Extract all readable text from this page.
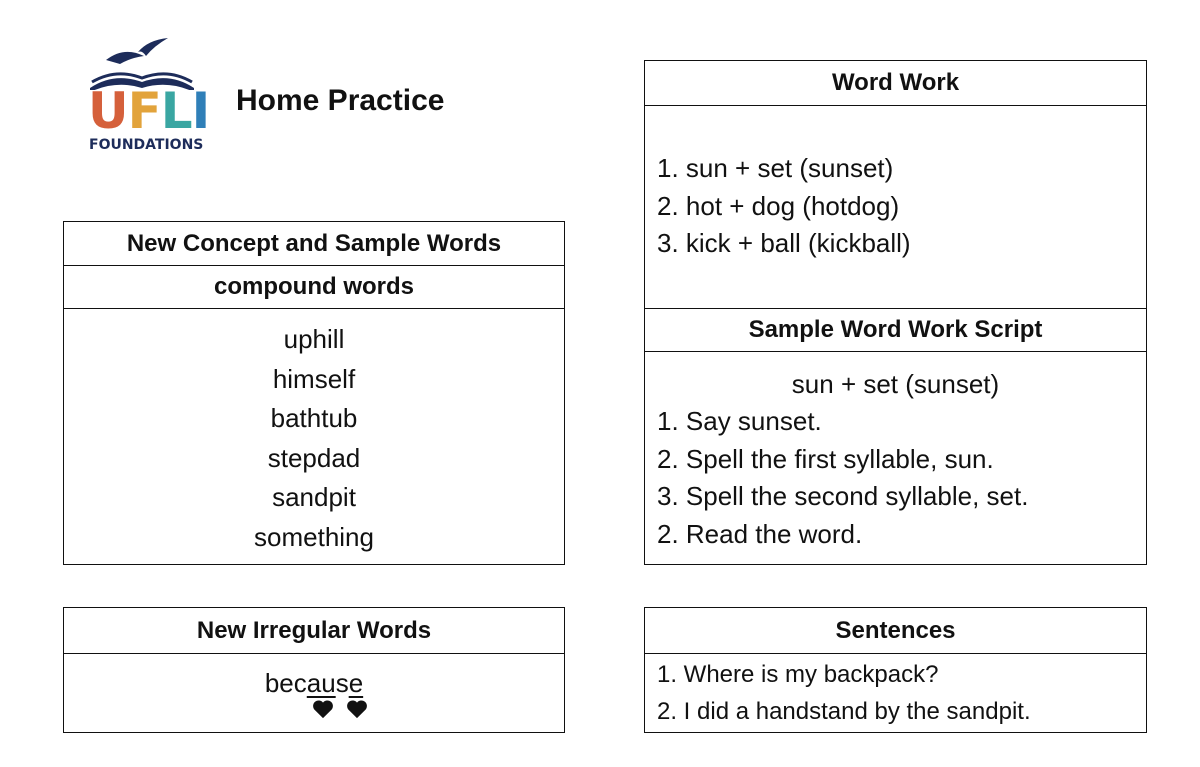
UFLI
FOUNDATIONS
Home Practice
New Concept and Sample Words
compound words
uphill
himself
bathtub
stepdad
sandpit
something
New Irregular Words
because

Word Work
1. sun + set (sunset)
2. hot + dog (hotdog)
3. kick + ball (kickball)
Sample Word Work Script
sun + set (sunset)
1. Say sunset.
2. Spell the first syllable, sun.
3. Spell the second syllable, set.
2. Read the word.
Sentences
1. Where is my backpack?
2. I did a handstand by the sandpit.
